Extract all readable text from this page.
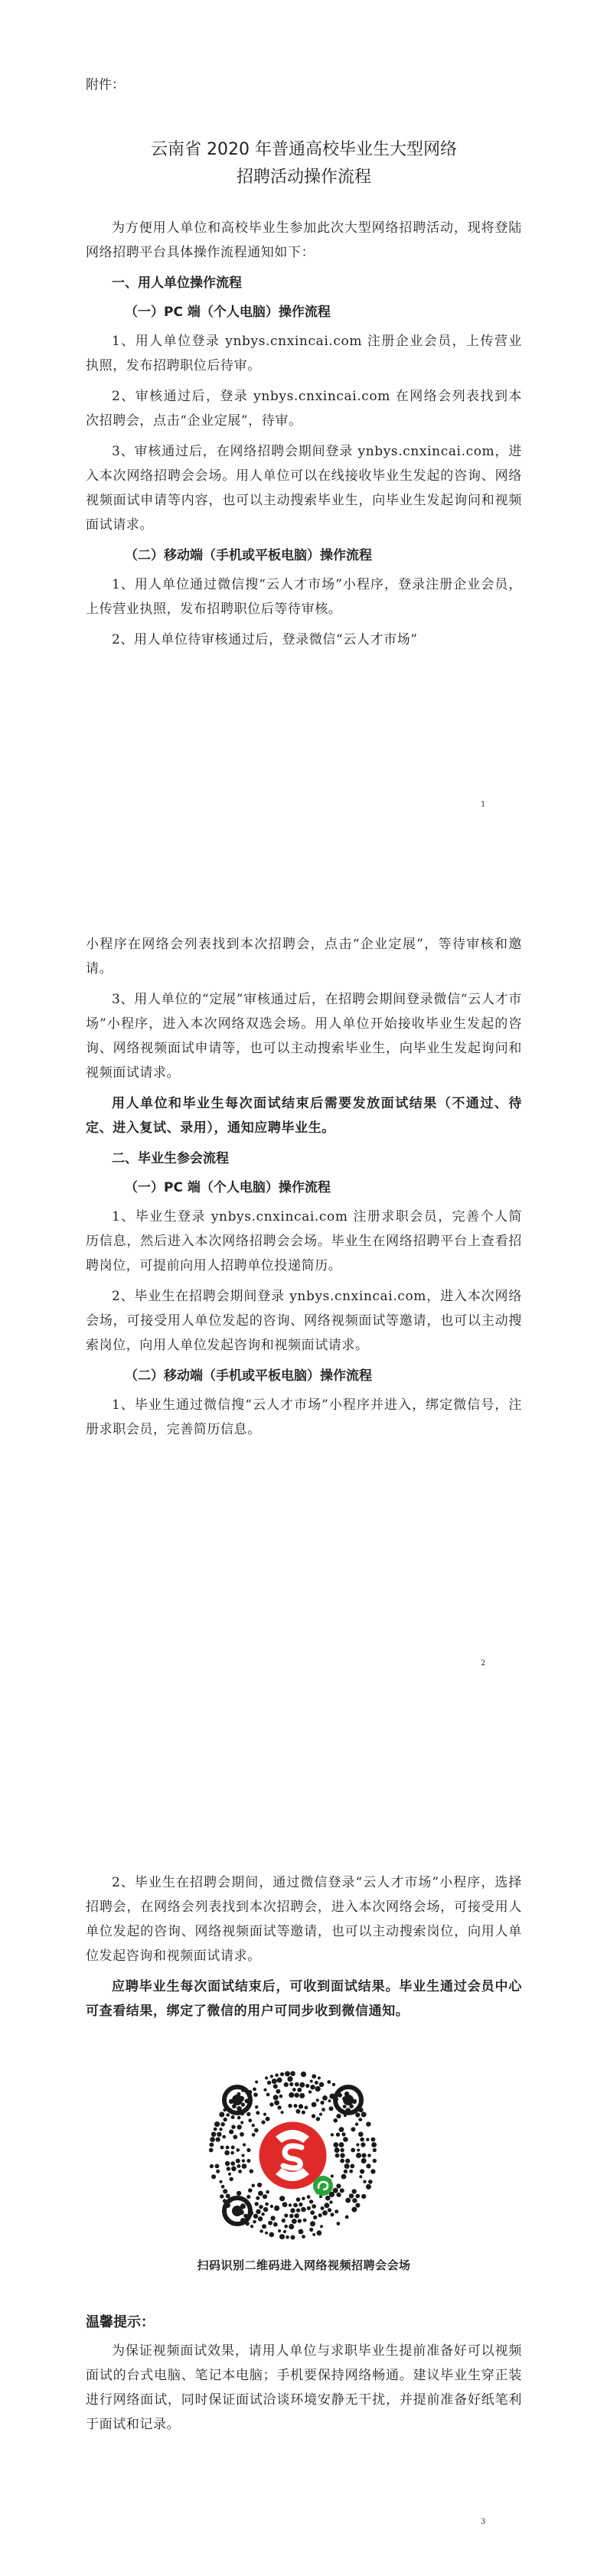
附件：
云南省 2020 年普通高校毕业生大型网络
招聘活动操作流程

为方便用人单位和高校毕业生参加此次大型网络招聘活动，现将登陆网络招聘平台具体操作流程通知如下：

一、用人单位操作流程
（一）PC 端（个人电脑）操作流程

1、用人单位登录 ynbys.cnxincai.com 注册企业会员，上传营业执照，发布招聘职位后待审。

2、审核通过后，登录 ynbys.cnxincai.com 在网络会列表找到本次招聘会，点击“企业定展”，待审。

3、审核通过后，在网络招聘会期间登录 ynbys.cnxincai.com，进入本次网络招聘会会场。用人单位可以在线接收毕业生发起的咨询、网络视频面试申请等内容，也可以主动搜索毕业生，向毕业生发起询问和视频面试请求。

（二）移动端（手机或平板电脑）操作流程

1、用人单位通过微信搜“云人才市场”小程序，登录注册企业会员，上传营业执照，发布招聘职位后等待审核。

2、用人单位待审核通过后，登录微信“云人才市场”

1

小程序在网络会列表找到本次招聘会，点击“企业定展”，等待审核和邀请。

3、用人单位的“定展”审核通过后，在招聘会期间登录微信“云人才市场”小程序，进入本次网络双选会场。用人单位开始接收毕业生发起的咨询、网络视频面试申请等，也可以主动搜索毕业生，向毕业生发起询问和视频面试请求。

用人单位和毕业生每次面试结束后需要发放面试结果（不通过、待定、进入复试、录用），通知应聘毕业生。

二、毕业生参会流程
（一）PC 端（个人电脑）操作流程

1、毕业生登录 ynbys.cnxincai.com 注册求职会员，完善个人简历信息，然后进入本次网络招聘会会场。毕业生在网络招聘平台上查看招聘岗位，可提前向用人招聘单位投递简历。

2、毕业生在招聘会期间登录 ynbys.cnxincai.com，进入本次网络会场，可接受用人单位发起的咨询、网络视频面试等邀请，也可以主动搜索岗位，向用人单位发起咨询和视频面试请求。

（二）移动端（手机或平板电脑）操作流程

1、毕业生通过微信搜“云人才市场”小程序并进入，绑定微信号，注册求职会员，完善简历信息。

2

2、毕业生在招聘会期间，通过微信登录“云人才市场”小程序，选择招聘会，在网络会列表找到本次招聘会，进入本次网络会场，可接受用人单位发起的咨询、网络视频面试等邀请，也可以主动搜索岗位，向用人单位发起咨询和视频面试请求。

应聘毕业生每次面试结束后，可收到面试结果。毕业生通过会员中心可查看结果，绑定了微信的用户可同步收到微信通知。

扫码识别二维码进入网络视频招聘会会场
温馨提示：

为保证视频面试效果，请用人单位与求职毕业生提前准备好可以视频面试的台式电脑、笔记本电脑；手机要保持网络畅通。建议毕业生穿正装进行网络面试，同时保证面试洽谈环境安静无干扰，并提前准备好纸笔利于面试和记录。

3
